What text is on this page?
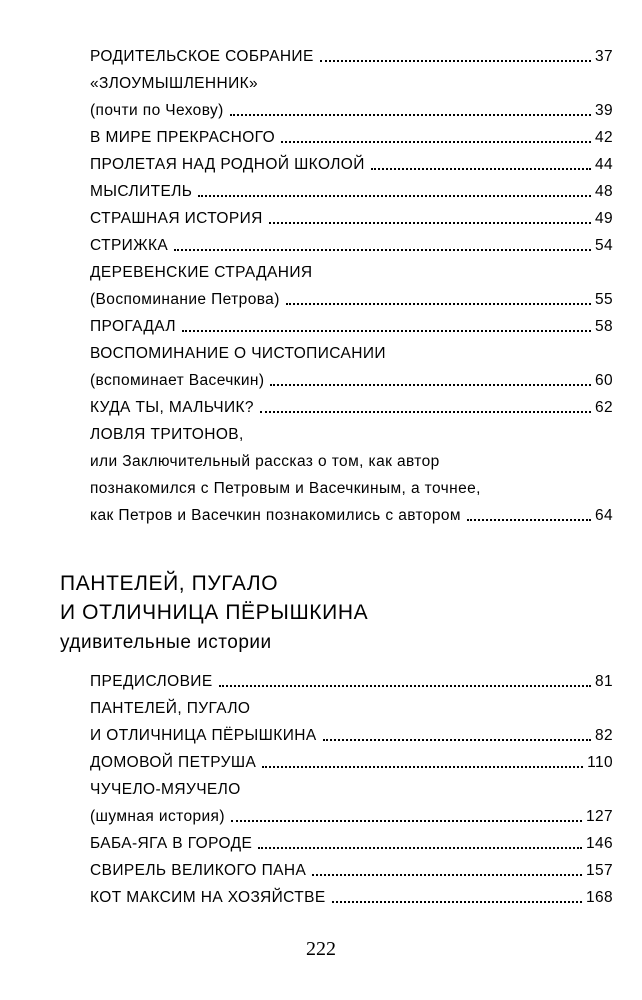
РОДИТЕЛЬСКОЕ СОБРАНИЕ	37
«ЗЛОУМЫШЛЕННИК»
(почти по Чехову)	39
В МИРЕ ПРЕКРАСНОГО	42
ПРОЛЕТАЯ НАД РОДНОЙ ШКОЛОЙ	44
МЫСЛИТЕЛЬ	48
СТРАШНАЯ ИСТОРИЯ	49
СТРИЖКА	54
ДЕРЕВЕНСКИЕ СТРАДАНИЯ
(Воспоминание Петрова)	55
ПРОГАДАЛ	58
ВОСПОМИНАНИЕ О ЧИСТОПИСАНИИ
(вспоминает Васечкин)	60
КУДА ТЫ, МАЛЬЧИК?	62
ЛОВЛЯ ТРИТОНОВ,
или Заключительный рассказ о том, как автор
познакомился с Петровым и Васечкиным, а точнее,
как Петров и Васечкин познакомились с автором	64
ПАНТЕЛЕЙ, ПУГАЛО
И ОТЛИЧНИЦА ПЁРЫШКИНА
удивительные истории
ПРЕДИСЛОВИЕ	81
ПАНТЕЛЕЙ, ПУГАЛО
И ОТЛИЧНИЦА ПЁРЫШКИНА	82
ДОМОВОЙ ПЕТРУША	110
ЧУЧЕЛО-МЯУЧЕЛО
(шумная история)	127
БАБА-ЯГА В ГОРОДЕ	146
СВИРЕЛЬ ВЕЛИКОГО ПАНА	157
КОТ МАКСИМ НА ХОЗЯЙСТВЕ	168
222
